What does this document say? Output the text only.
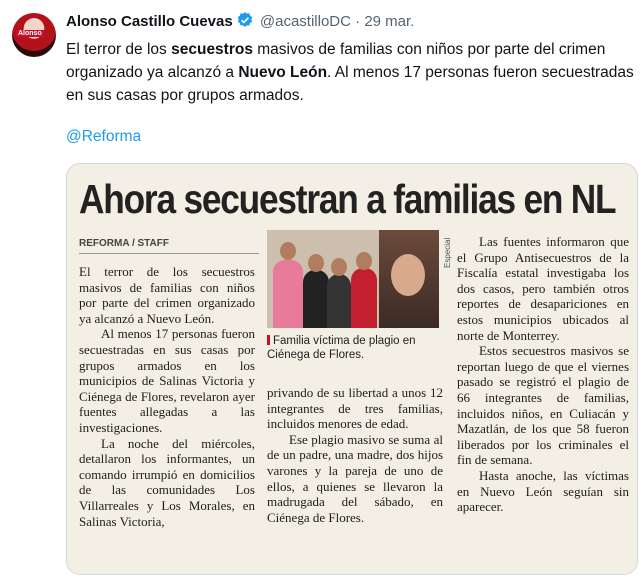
Alonso
Alonso Castillo Cuevas @acastilloDC · 29 mar.
El terror de los secuestros masivos de familias con niños por parte del crimen organizado ya alcanzó a Nuevo León. Al menos 17 personas fueron secuestradas en sus casas por grupos armados.
@Reforma
Ahora secuestran a familias en NL
REFORMA / STAFF

El terror de los secuestros masivos de familias con niños por parte del crimen organizado ya alcanzó a Nuevo León.

Al menos 17 personas fueron secuestradas en sus casas por grupos armados en los municipios de Salinas Victoria y Ciénega de Flores, revelaron ayer fuentes allegadas a las investigaciones.

La noche del miércoles, detallaron los informantes, un comando irrumpió en domicilios de las comunidades Los Villarreales y Los Morales, en Salinas Victoria,

Especial
Familia víctima de plagio en Ciénega de Flores.

privando de su libertad a unos 12 integrantes de tres familias, incluidos menores de edad.

Ese plagio masivo se suma al de un padre, una madre, dos hijos varones y la pareja de uno de ellos, a quienes se llevaron la madrugada del sábado, en Ciénega de Flores.

Las fuentes informaron que el Grupo Antisecuestros de la Fiscalía estatal investigaba los dos casos, pero también otros reportes de desapariciones en estos municipios ubicados al norte de Monterrey.

Estos secuestros masivos se reportan luego de que el viernes pasado se registró el plagio de 66 integrantes de familias, incluidos niños, en Culiacán y Mazatlán, de los que 58 fueron liberados por los criminales el fin de semana.

Hasta anoche, las víctimas en Nuevo León seguían sin aparecer.
